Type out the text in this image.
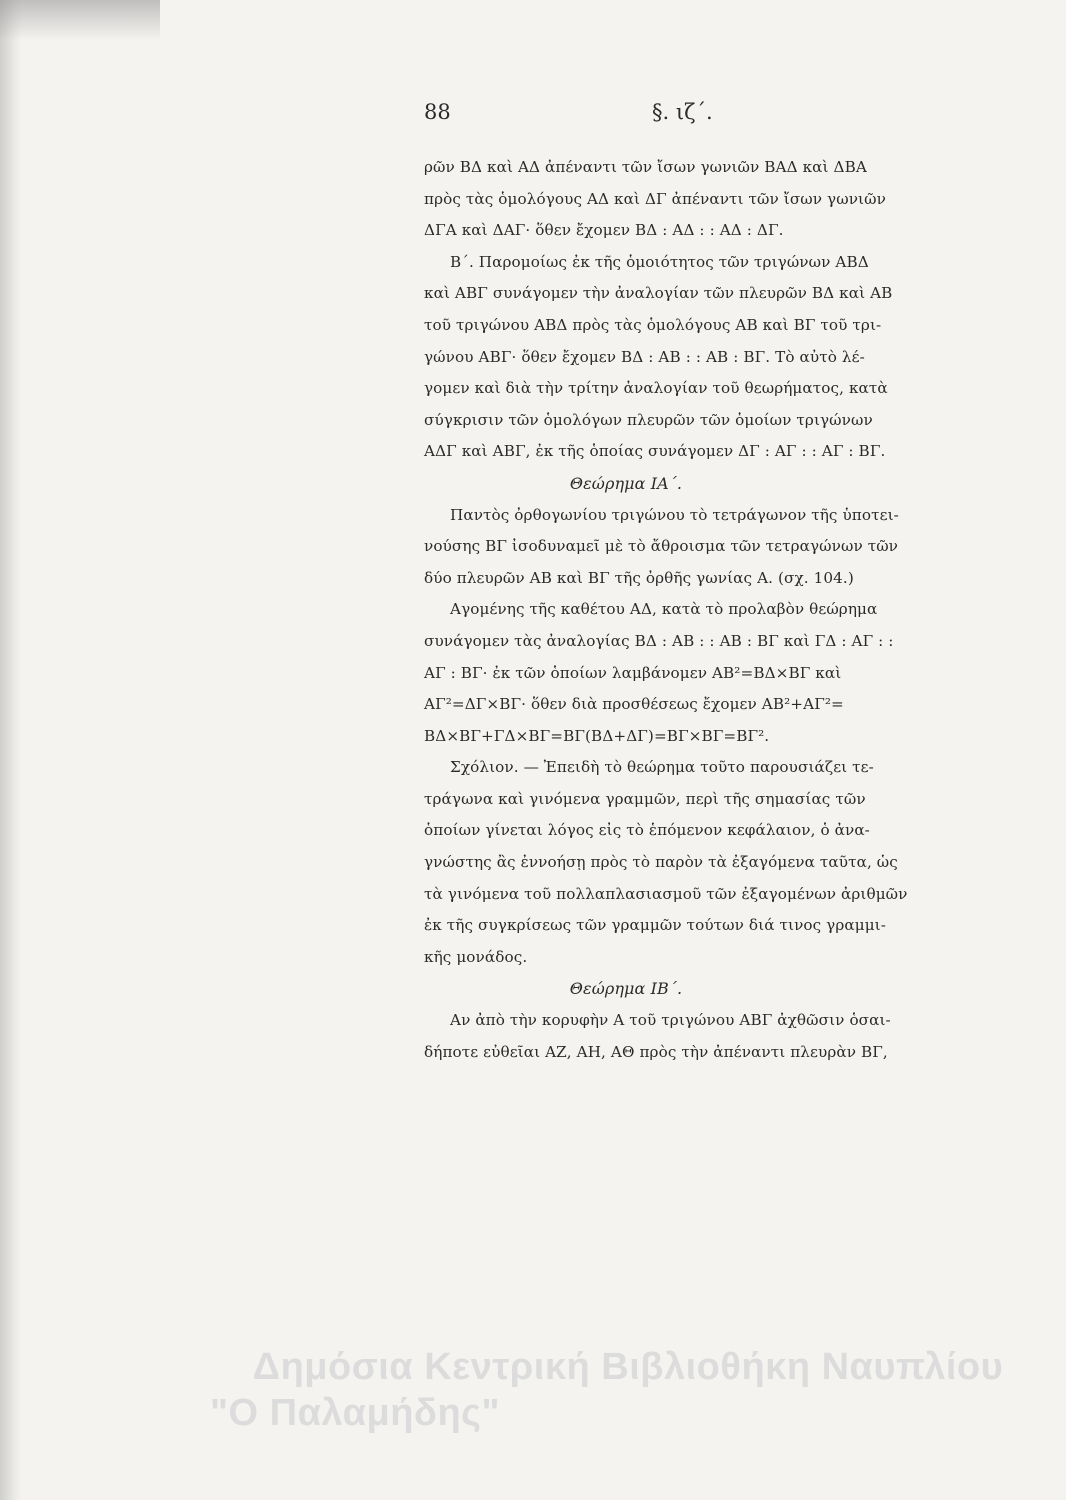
88	§. ιζ΄.
ρῶν ΒΔ καὶ ΑΔ ἀπέναντι τῶν ἴσων γωνιῶν ΒΑΔ καὶ ΔΒΑ
πρὸς τὰς ὁμολόγους ΑΔ καὶ ΔΓ ἀπέναντι τῶν ἴσων γωνιῶν
ΔΓΑ καὶ ΔΑΓ· ὅθεν ἔχομεν ΒΔ : ΑΔ : : ΑΔ : ΔΓ.
Β΄. Παρομοίως ἐκ τῆς ὁμοιότητος τῶν τριγώνων ΑΒΔ
καὶ ΑΒΓ συνάγομεν τὴν ἀναλογίαν τῶν πλευρῶν ΒΔ καὶ ΑΒ
τοῦ τριγώνου ΑΒΔ πρὸς τὰς ὁμολόγους ΑΒ καὶ ΒΓ τοῦ τρι-
γώνου ΑΒΓ· ὅθεν ἔχομεν ΒΔ : ΑΒ : : ΑΒ : ΒΓ. Τὸ αὐτὸ λέ-
γομεν καὶ διὰ τὴν τρίτην ἀναλογίαν τοῦ θεωρήματος, κατὰ
σύγκρισιν τῶν ὁμολόγων πλευρῶν τῶν ὁμοίων τριγώνων
ΑΔΓ καὶ ΑΒΓ, ἐκ τῆς ὁποίας συνάγομεν ΔΓ : ΑΓ : : ΑΓ : ΒΓ.
Θεώρημα ΙΑ΄.
Παντὸς ὀρθογωνίου τριγώνου τὸ τετράγωνον τῆς ὑποτει-
νούσης ΒΓ ἰσοδυναμεῖ μὲ τὸ ἄθροισμα τῶν τετραγώνων τῶν
δύο πλευρῶν ΑΒ καὶ ΒΓ τῆς ὀρθῆς γωνίας Α. (σχ. 104.)
Αγομένης τῆς καθέτου ΑΔ, κατὰ τὸ προλαβὸν θεώρημα
συνάγομεν τὰς ἀναλογίας ΒΔ : ΑΒ : : ΑΒ : ΒΓ καὶ ΓΔ : ΑΓ : :
ΑΓ : ΒΓ· ἐκ τῶν ὁποίων λαμβάνομεν ΑΒ²=ΒΔ×ΒΓ καὶ
ΑΓ²=ΔΓ×ΒΓ· ὅθεν διὰ προσθέσεως ἔχομεν ΑΒ²+ΑΓ²=
ΒΔ×ΒΓ+ΓΔ×ΒΓ=ΒΓ(ΒΔ+ΔΓ)=ΒΓ×ΒΓ=ΒΓ².
Σχόλιον. — Ἐπειδὴ τὸ θεώρημα τοῦτο παρουσιάζει τε-
τράγωνα καὶ γινόμενα γραμμῶν, περὶ τῆς σημασίας τῶν
ὁποίων γίνεται λόγος εἰς τὸ ἑπόμενον κεφάλαιον, ὁ ἀνα-
γνώστης ἂς ἐννοήσῃ πρὸς τὸ παρὸν τὰ ἐξαγόμενα ταῦτα, ὡς
τὰ γινόμενα τοῦ πολλαπλασιασμοῦ τῶν ἐξαγομένων ἀριθμῶν
ἐκ τῆς συγκρίσεως τῶν γραμμῶν τούτων διά τινος γραμμι-
κῆς μονάδος.
Θεώρημα ΙΒ΄.
Αν ἀπὸ τὴν κορυφὴν Α τοῦ τριγώνου ΑΒΓ ἀχθῶσιν ὁσαι-
δήποτε εὐθεῖαι ΑΖ, ΑΗ, ΑΘ πρὸς τὴν ἀπέναντι πλευρὰν ΒΓ,
Δημόσια Κεντρική Βιβλιοθήκη Ναυπλίου
"Ο Παλαμήδης"
